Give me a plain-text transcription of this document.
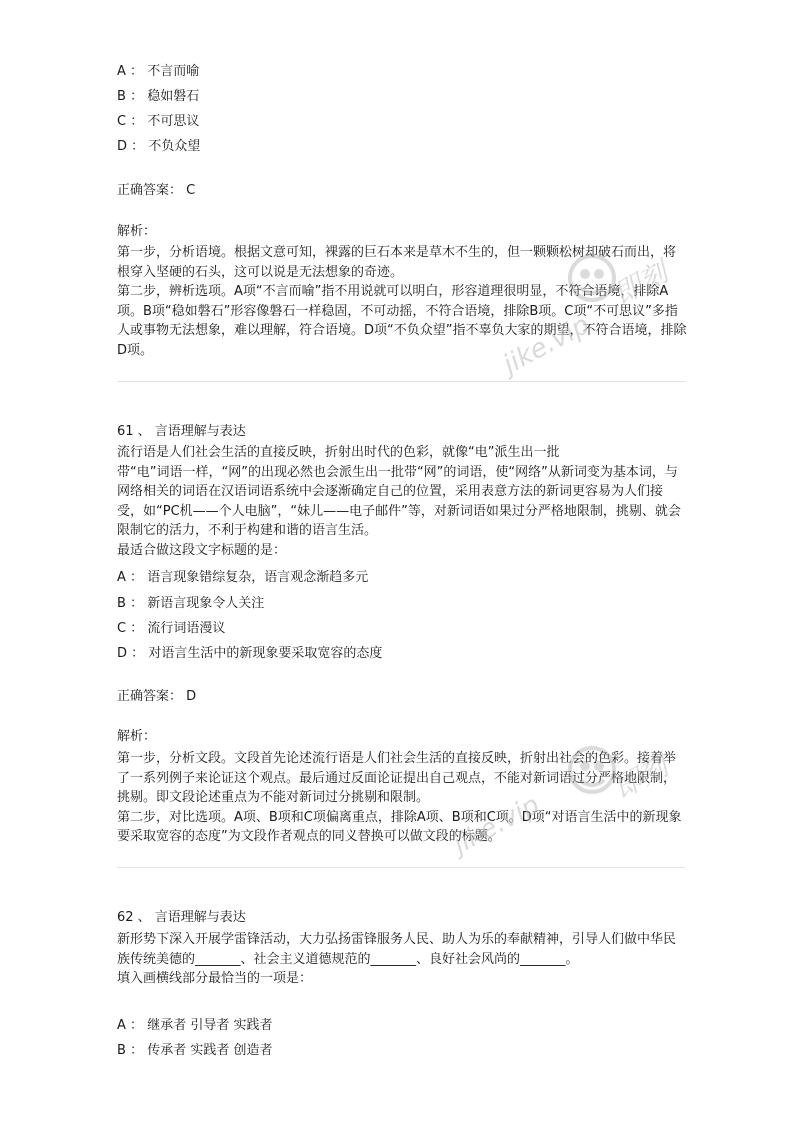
A ： 不言而喻
B ： 稳如磐石
C ： 不可思议
D ： 不负众望
正确答案： C
解析：

第一步，分析语境。根据文意可知，裸露的巨石本来是草木不生的，但一颗颗松树却破石而出，将根穿入坚硬的石头，这可以说是无法想象的奇迹。

第二步，辨析选项。A项“不言而喻”指不用说就可以明白，形容道理很明显，不符合语境，排除A项。B项“稳如磐石”形容像磐石一样稳固，不可动摇，不符合语境，排除B项。C项“不可思议”多指人或事物无法想象，难以理解，符合语境。D项“不负众望”指不辜负大家的期望，不符合语境，排除D项。

61 、 言语理解与表达

流行语是人们社会生活的直接反映，折射出时代的色彩，就像“电”派生出一批

带“电”词语一样，“网”的出现必然也会派生出一批带“网”的词语，使“网络”从新词变为基本词，与网络相关的词语在汉语词语系统中会逐渐确定自己的位置，采用表意方法的新词更容易为人们接受，如“PC机——个人电脑”，“妹儿——电子邮件”等，对新词语如果过分严格地限制，挑剔、就会限制它的活力，不利于构建和谐的语言生活。

最适合做这段文字标题的是：

A ： 语言现象错综复杂，语言观念渐趋多元
B ： 新语言现象令人关注
C ： 流行词语漫议
D ： 对语言生活中的新现象要采取宽容的态度
正确答案： D
解析：

第一步，分析文段。文段首先论述流行语是人们社会生活的直接反映，折射出社会的色彩。接着举了一系列例子来论证这个观点。最后通过反面论证提出自己观点，不能对新词语过分严格地限制，挑剔。即文段论述重点为不能对新词过分挑剔和限制。

第二步，对比选项。A项、B项和C项偏离重点，排除A项、B项和C项。D项“对语言生活中的新现象要采取宽容的态度”为文段作者观点的同义替换可以做文段的标题。

62 、 言语理解与表达

新形势下深入开展学雷锋活动，大力弘扬雷锋服务人民、助人为乐的奉献精神，引导人们做中华民族传统美德的_______、社会主义道德规范的_______、良好社会风尚的_______。

填入画横线部分最恰当的一项是：

A ： 继承者 引导者 实践者
B ： 传承者 实践者 创造者
即刻
jike.vip
即刻
jike.vip
